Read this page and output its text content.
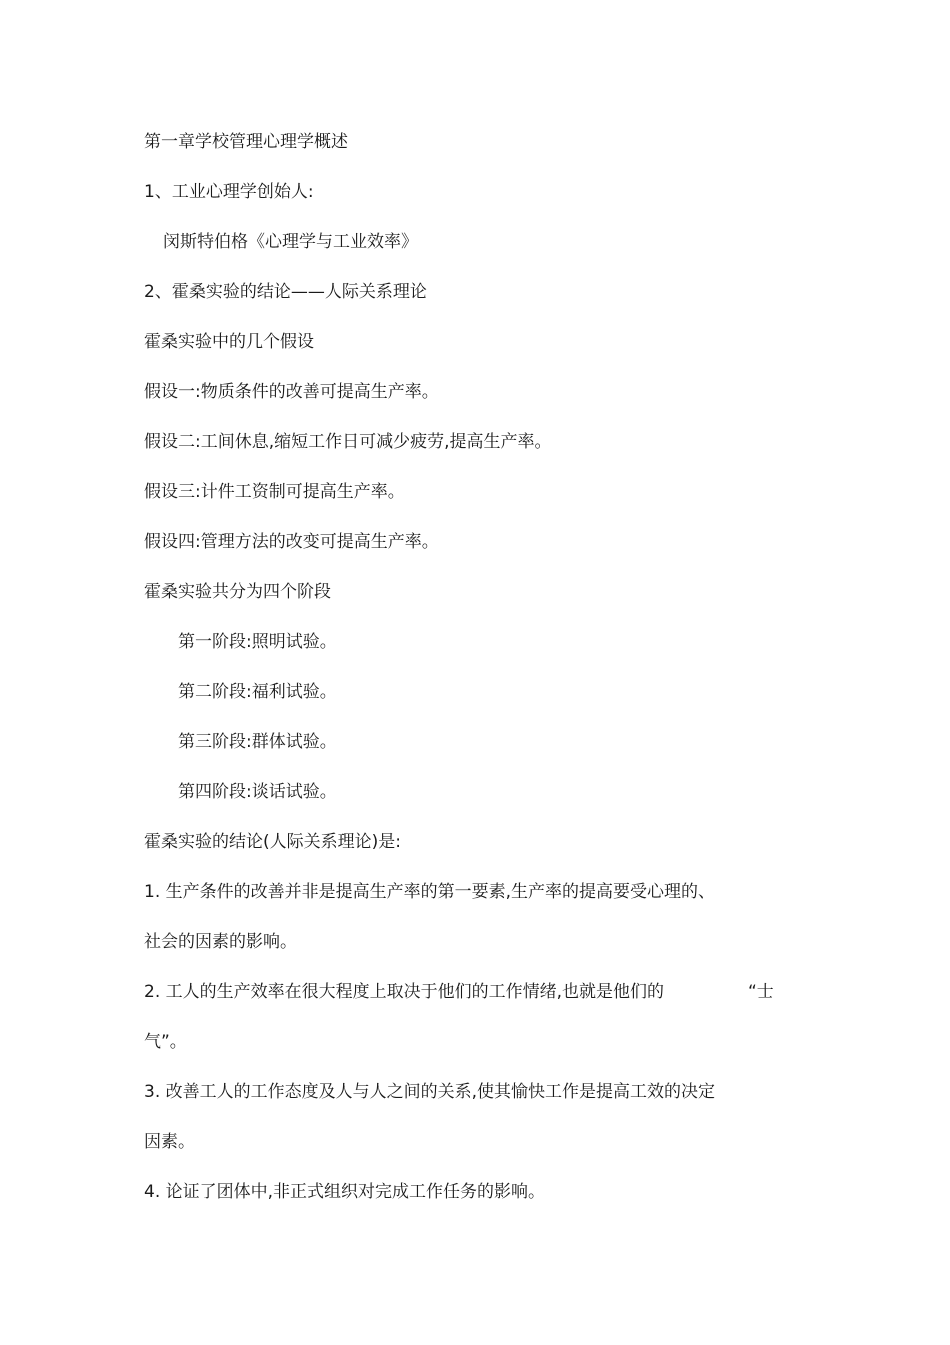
第一章学校管理心理学概述
1、工业心理学创始人:
闵斯特伯格《心理学与工业效率》
2、霍桑实验的结论——人际关系理论
霍桑实验中的几个假设
假设一:物质条件的改善可提高生产率。
假设二:工间休息,缩短工作日可减少疲劳,提高生产率。
假设三:计件工资制可提高生产率。
假设四:管理方法的改变可提高生产率。
霍桑实验共分为四个阶段
第一阶段:照明试验。
第二阶段:福利试验。
第三阶段:群体试验。
第四阶段:谈话试验。
霍桑实验的结论(人际关系理论)是:
1. 生产条件的改善并非是提高生产率的第一要素,生产率的提高要受心理的、
社会的因素的影响。
2. 工人的生产效率在很大程度上取决于他们的工作情绪,也就是他们的	“士
气”。
3. 改善工人的工作态度及人与人之间的关系,使其愉快工作是提高工效的决定
因素。
4. 论证了团体中,非正式组织对完成工作任务的影响。
